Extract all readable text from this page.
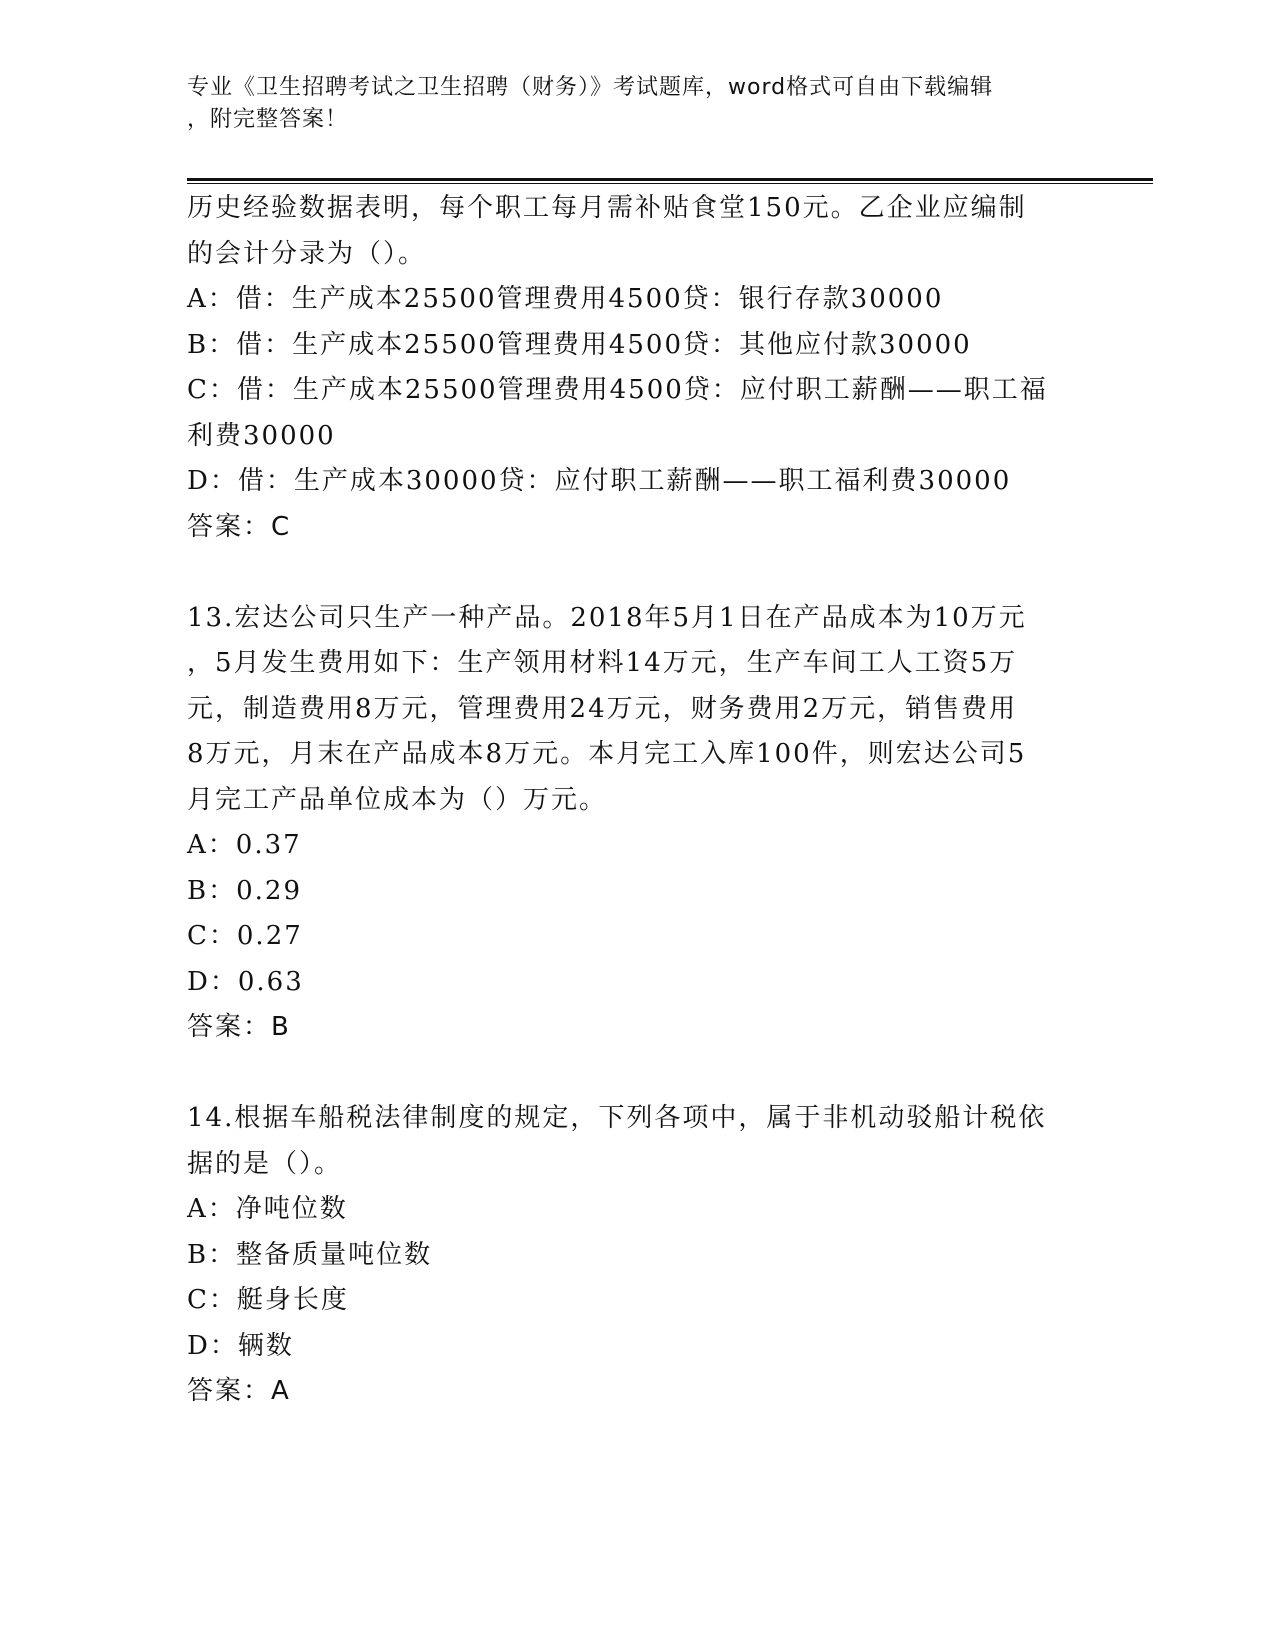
专业《卫生招聘考试之卫生招聘（财务）》考试题库，word格式可自由下载编辑
，附完整答案！
历史经验数据表明，每个职工每月需补贴食堂150元。乙企业应编制
的会计分录为（）。
A：借：生产成本25500管理费用4500贷：银行存款30000
B：借：生产成本25500管理费用4500贷：其他应付款30000
C：借：生产成本25500管理费用4500贷：应付职工薪酬——职工福
利费30000
D：借：生产成本30000贷：应付职工薪酬——职工福利费30000
答案：C
13.宏达公司只生产一种产品。2018年5月1日在产品成本为10万元
，5月发生费用如下：生产领用材料14万元，生产车间工人工资5万
元，制造费用8万元，管理费用24万元，财务费用2万元，销售费用
8万元，月末在产品成本8万元。本月完工入库100件，则宏达公司5
月完工产品单位成本为（）万元。
A：0.37
B：0.29
C：0.27
D：0.63
答案：B
14.根据车船税法律制度的规定，下列各项中，属于非机动驳船计税依
据的是（）。
A：净吨位数
B：整备质量吨位数
C：艇身长度
D：辆数
答案：A
